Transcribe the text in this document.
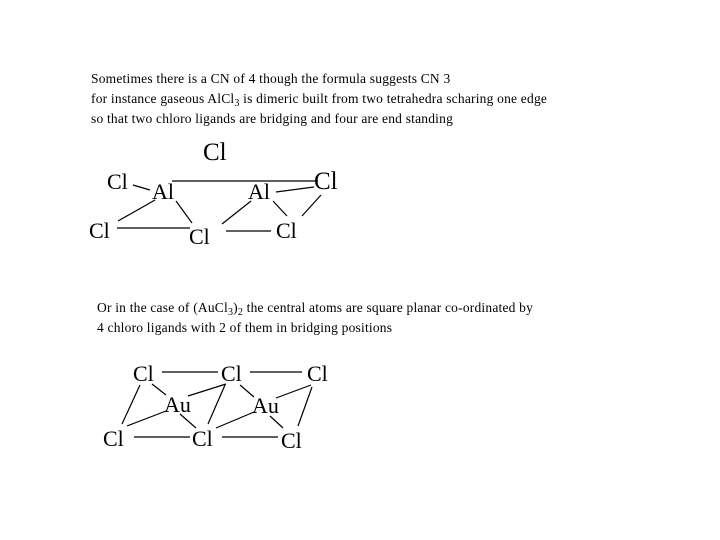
Sometimes there is a CN of 4 though the formula suggests CN 3
for instance gaseous AlCl$_3$ is dimeric built from two tetrahedra scharing one edge
so that two chloro ligands are bridging and four are end standing
Cl
Cl Al	Al Cl
Cl	Cl	Cl
Or in the case of $(AuCl_3)_2$ the central atoms are square planar co-ordinated by
4 chloro ligands with 2 of them in bridging positions
Cl	Cl	Cl
Au	Au
Cl	Cl	Cl
